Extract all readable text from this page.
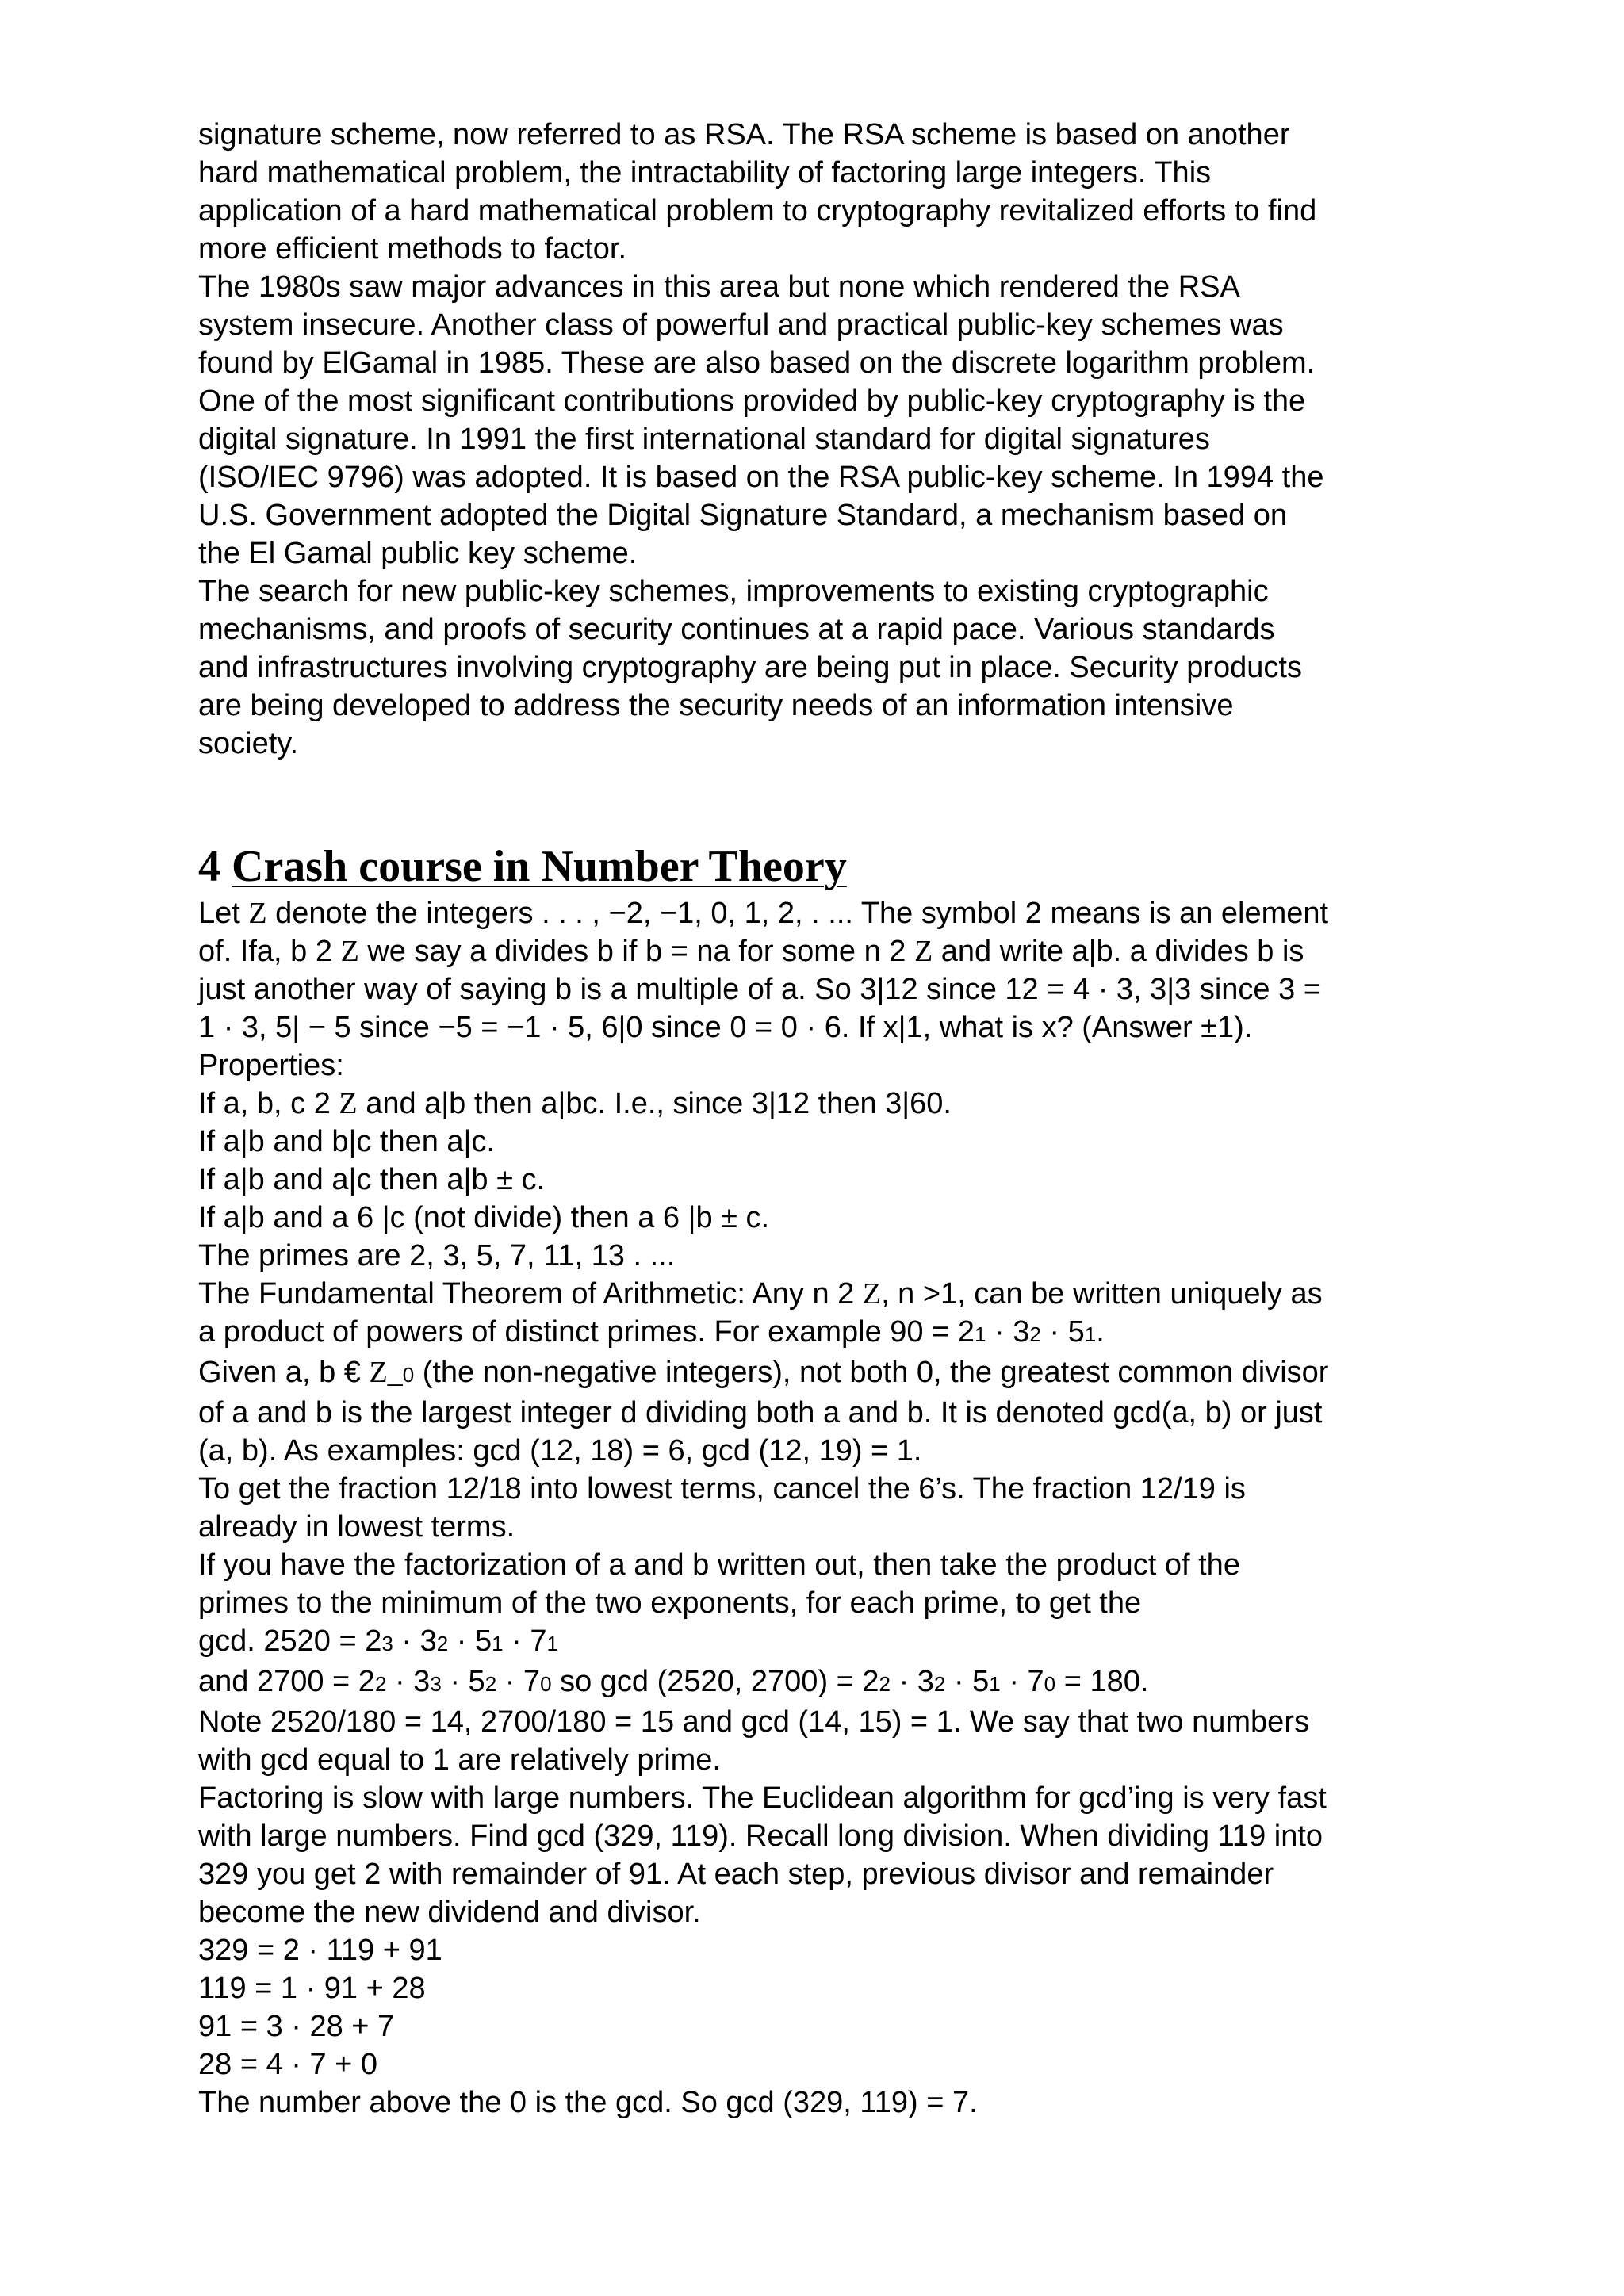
signature scheme, now referred to as RSA. The RSA scheme is based on another

hard mathematical problem, the intractability of factoring large integers. This

application of a hard mathematical problem to cryptography revitalized efforts to find

more efficient methods to factor.

The 1980s saw major advances in this area but none which rendered the RSA

system insecure. Another class of powerful and practical public-key schemes was

found by ElGamal in 1985. These are also based on the discrete logarithm problem.

One of the most significant contributions provided by public-key cryptography is the

digital signature. In 1991 the first international standard for digital signatures

(ISO/IEC 9796) was adopted. It is based on the RSA public-key scheme. In 1994 the

U.S. Government adopted the Digital Signature Standard, a mechanism based on

the El Gamal public key scheme.

The search for new public-key schemes, improvements to existing cryptographic

mechanisms, and proofs of security continues at a rapid pace. Various standards

and infrastructures involving cryptography are being put in place. Security products

are being developed to address the security needs of an information intensive

society.

4 Crash course in Number Theory

Let Z denote the integers . . . , −2, −1, 0, 1, 2, . ... The symbol 2 means is an element

of. Ifa, b 2 Z we say a divides b if b = na for some n 2 Z and write a|b. a divides b is

just another way of saying b is a multiple of a. So 3|12 since 12 = 4 · 3, 3|3 since 3 =

1 · 3, 5| − 5 since −5 = −1 · 5, 6|0 since 0 = 0 · 6. If x|1, what is x? (Answer ±1).

Properties:

If a, b, c 2 Z and a|b then a|bc. I.e., since 3|12 then 3|60.

If a|b and b|c then a|c.

If a|b and a|c then a|b ± c.

If a|b and a 6 |c (not divide) then a 6 |b ± c.

The primes are 2, 3, 5, 7, 11, 13 . ...

The Fundamental Theorem of Arithmetic: Any n 2 Z, n >1, can be written uniquely as

a product of powers of distinct primes. For example 90 = 21 · 32 · 51.

Given a, b € Z_0 (the non-negative integers), not both 0, the greatest common divisor

of a and b is the largest integer d dividing both a and b. It is denoted gcd(a, b) or just

(a, b). As examples: gcd (12, 18) = 6, gcd (12, 19) = 1.

To get the fraction 12/18 into lowest terms, cancel the 6’s. The fraction 12/19 is

already in lowest terms.

If you have the factorization of a and b written out, then take the product of the

primes to the minimum of the two exponents, for each prime, to get the

gcd. 2520 = 23 · 32 · 51 · 71

and 2700 = 22 · 33 · 52 · 70 so gcd (2520, 2700) = 22 · 32 · 51 · 70 = 180.

Note 2520/180 = 14, 2700/180 = 15 and gcd (14, 15) = 1. We say that two numbers

with gcd equal to 1 are relatively prime.

Factoring is slow with large numbers. The Euclidean algorithm for gcd’ing is very fast

with large numbers. Find gcd (329, 119). Recall long division. When dividing 119 into

329 you get 2 with remainder of 91. At each step, previous divisor and remainder

become the new dividend and divisor.

329 = 2 · 119 + 91

119 = 1 · 91 + 28

91 = 3 · 28 + 7

28 = 4 · 7 + 0

The number above the 0 is the gcd. So gcd (329, 119) = 7.
